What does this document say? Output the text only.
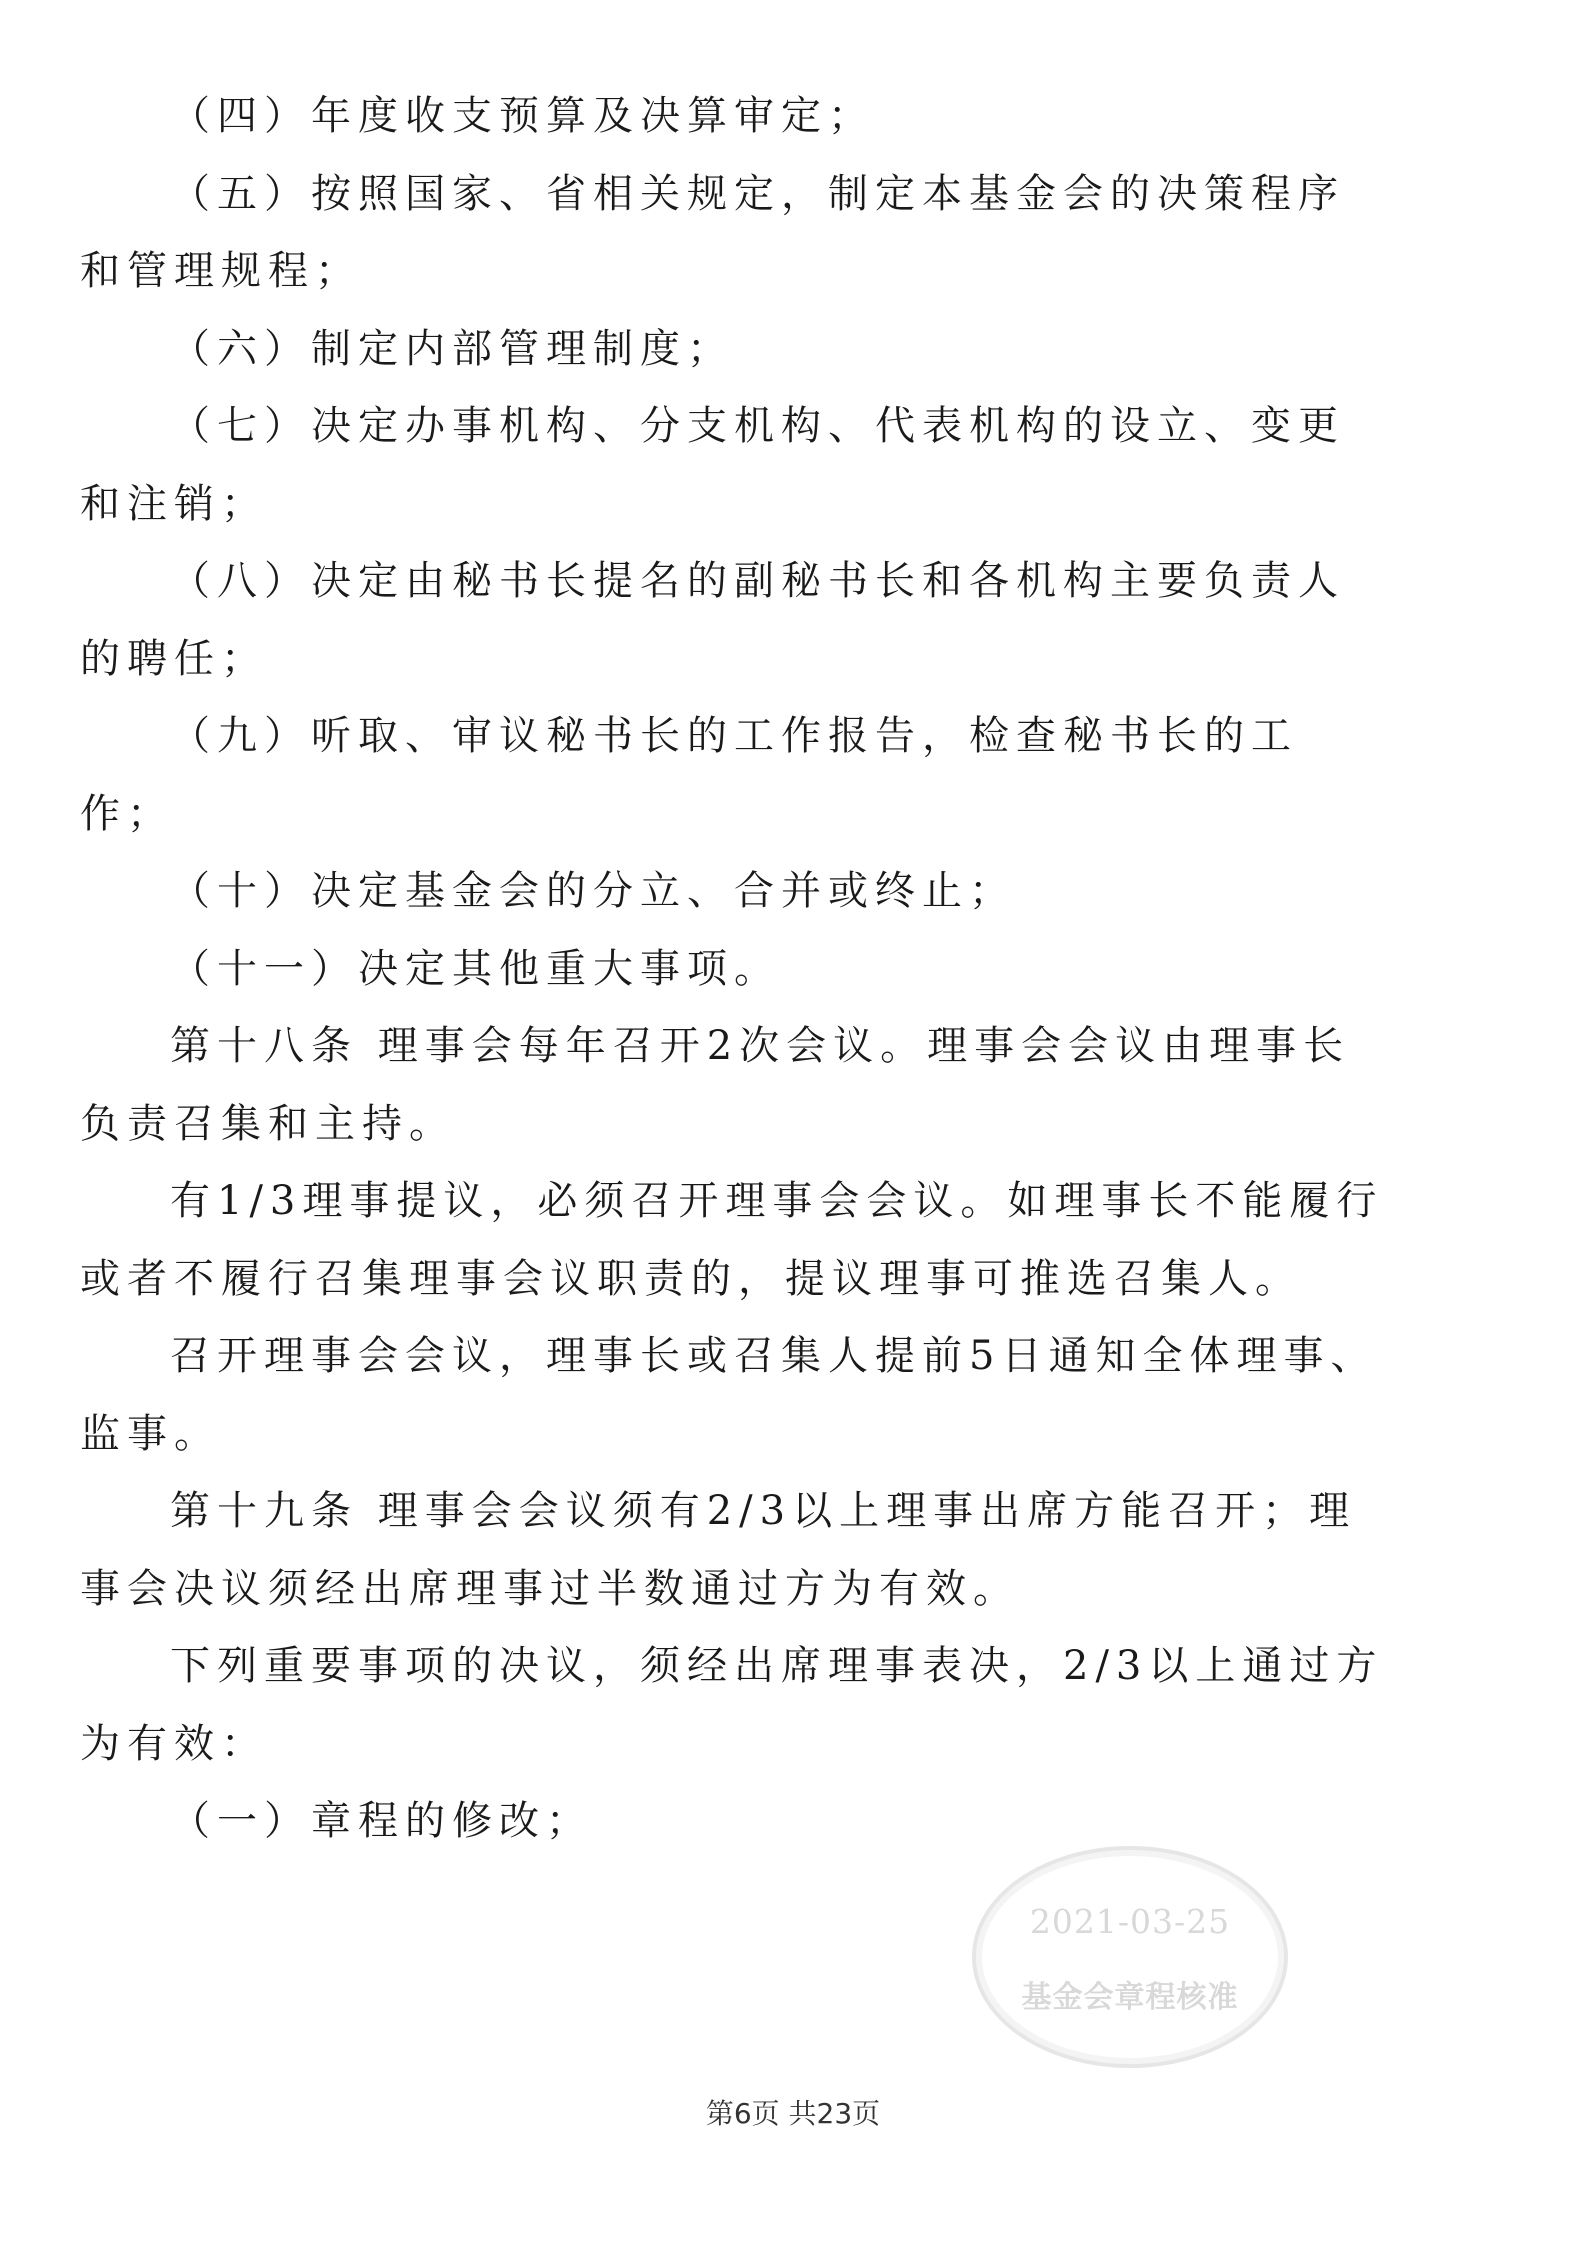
（四）年度收支预算及决算审定；

（五）按照国家、省相关规定，制定本基金会的决策程序和管理规程；

（六）制定内部管理制度；

（七）决定办事机构、分支机构、代表机构的设立、变更和注销；

（八）决定由秘书长提名的副秘书长和各机构主要负责人的聘任；

（九）听取、审议秘书长的工作报告，检查秘书长的工作；

（十）决定基金会的分立、合并或终止；

（十一）决定其他重大事项。

第十八条 理事会每年召开2次会议。理事会会议由理事长负责召集和主持。

有1/3理事提议，必须召开理事会会议。如理事长不能履行或者不履行召集理事会议职责的，提议理事可推选召集人。

召开理事会会议，理事长或召集人提前5日通知全体理事、监事。

第十九条 理事会会议须有2/3以上理事出席方能召开；理事会决议须经出席理事过半数通过方为有效。

下列重要事项的决议，须经出席理事表决，2/3以上通过方为有效：

（一）章程的修改；

2021-03-25
基金会章程核准
第6页 共23页
